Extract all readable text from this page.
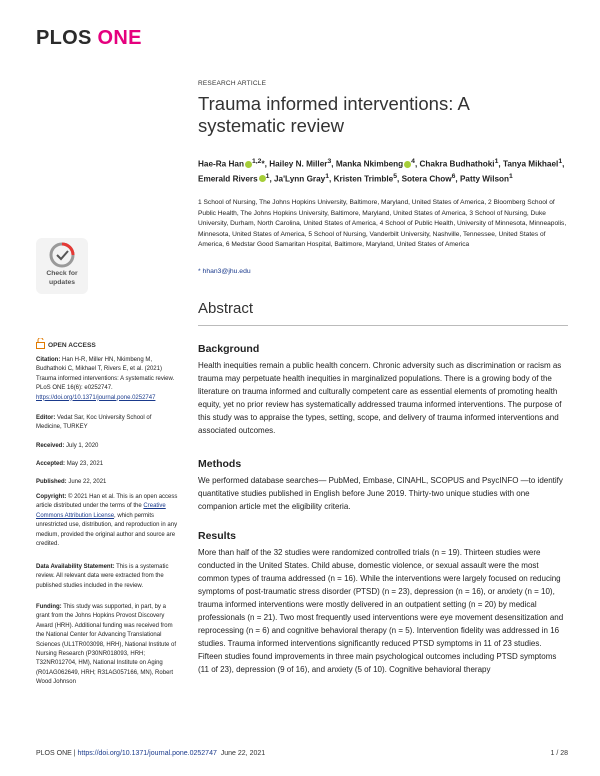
PLOS ONE
RESEARCH ARTICLE
Trauma informed interventions: A systematic review
Hae-Ra Han $^{1,2}$*, Hailey N. Miller$^3$, Manka Nkimbeng $^4$, Chakra Budhathoki$^1$, Tanya Mikhael$^1$, Emerald Rivers $^1$, Ja'Lynn Gray$^1$, Kristen Trimble$^5$, Sotera Chow$^6$, Patty Wilson$^1$
1 School of Nursing, The Johns Hopkins University, Baltimore, Maryland, United States of America, 2 Bloomberg School of Public Health, The Johns Hopkins University, Baltimore, Maryland, United States of America, 3 School of Nursing, Duke University, Durham, North Carolina, United States of America, 4 School of Public Health, University of Minnesota, Minneapolis, Minnesota, United States of America, 5 School of Nursing, Vanderbilt University, Nashville, Tennessee, United States of America, 6 Medstar Good Samaritan Hospital, Baltimore, Maryland, United States of America
* hhan3@jhu.edu
Check for
updates
Abstract
OPEN ACCESS
Citation: Han H-R, Miller HN, Nkimbeng M, Budhathoki C, Mikhael T, Rivers E, et al. (2021) Trauma informed interventions: A systematic review. PLoS ONE 16(6): e0252747. https://doi.org/10.1371/journal.pone.0252747
Editor: Vedat Sar, Koc University School of Medicine, TURKEY
Received: July 1, 2020
Accepted: May 23, 2021
Published: June 22, 2021
Copyright: © 2021 Han et al. This is an open access article distributed under the terms of the Creative Commons Attribution License, which permits unrestricted use, distribution, and reproduction in any medium, provided the original author and source are credited.
Data Availability Statement: This is a systematic review. All relevant data were extracted from the published studies included in the review.
Funding: This study was supported, in part, by a grant from the Johns Hopkins Provost Discovery Award (HRH). Additional funding was received from the National Center for Advancing Translational Sciences (UL1TR003098, HRH), National Institute of Nursing Research (P30NR018093, HRH; T32NR012704, HM), National Institute on Aging (R01AG062649, HRH; R31AG057166, MN), Robert Wood Johnson
Background
Health inequities remain a public health concern. Chronic adversity such as discrimination or racism as trauma may perpetuate health inequities in marginalized populations. There is a growing body of the literature on trauma informed and culturally competent care as essential elements of promoting health equity, yet no prior review has systematically addressed trauma informed interventions. The purpose of this study was to appraise the types, setting, scope, and delivery of trauma informed interventions and associated outcomes.
Methods
We performed database searches— PubMed, Embase, CINAHL, SCOPUS and PsycINFO —to identify quantitative studies published in English before June 2019. Thirty-two unique studies with one companion article met the eligibility criteria.
Results
More than half of the 32 studies were randomized controlled trials (n = 19). Thirteen studies were conducted in the United States. Child abuse, domestic violence, or sexual assault were the most common types of trauma addressed (n = 16). While the interventions were largely focused on reducing symptoms of post-traumatic stress disorder (PTSD) (n = 23), depression (n = 16), or anxiety (n = 10), trauma informed interventions were mostly delivered in an outpatient setting (n = 20) by medical professionals (n = 21). Two most frequently used interventions were eye movement desensitization and reprocessing (n = 6) and cognitive behavioral therapy (n = 5). Intervention fidelity was addressed in 16 studies. Trauma informed interventions significantly reduced PTSD symptoms in 11 of 23 studies. Fifteen studies found improvements in three main psychological outcomes including PTSD symptoms (11 of 23), depression (9 of 16), and anxiety (5 of 10). Cognitive behavioral therapy
PLOS ONE | https://doi.org/10.1371/journal.pone.0252747 June 22, 2021	1 / 28
